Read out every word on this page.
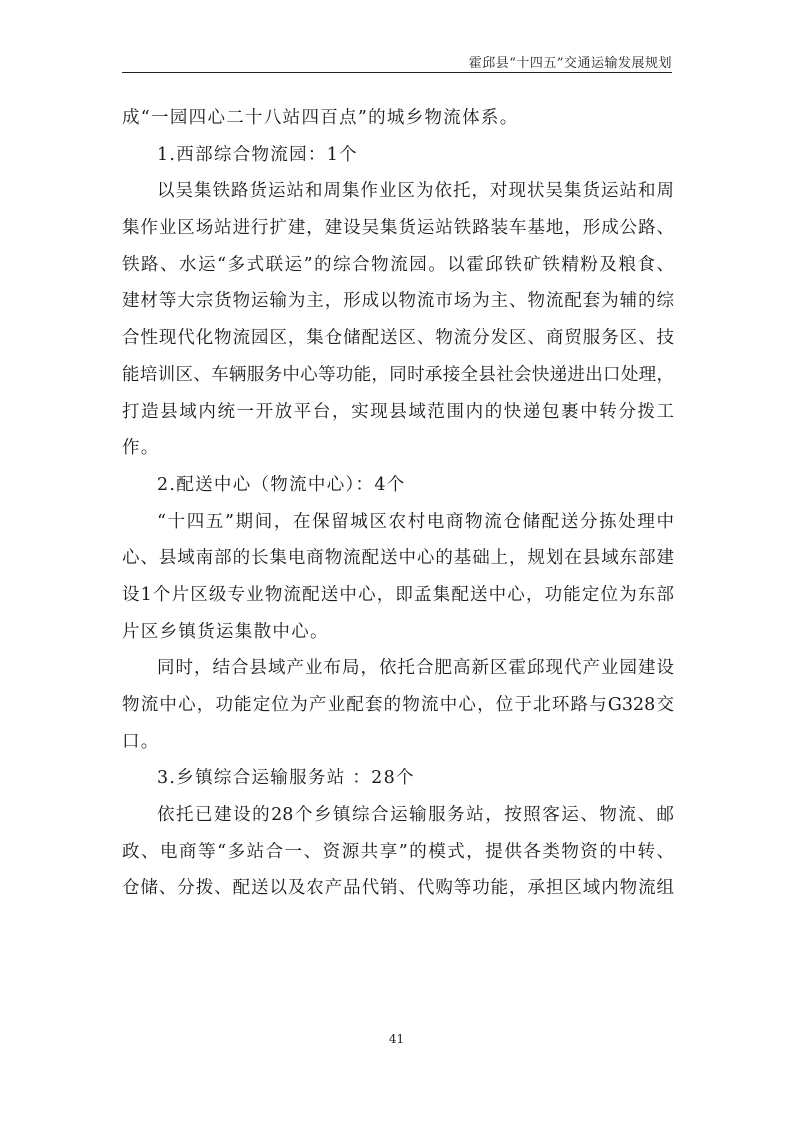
霍邱县“十四五”交通运输发展规划
成“一园四心二十八站四百点”的城乡物流体系。
1.西部综合物流园：1个
以吴集铁路货运站和周集作业区为依托，对现状吴集货运站和周
集作业区场站进行扩建，建设吴集货运站铁路装车基地，形成公路、
铁路、水运“多式联运”的综合物流园。以霍邱铁矿铁精粉及粮食、
建材等大宗货物运输为主，形成以物流市场为主、物流配套为辅的综
合性现代化物流园区，集仓储配送区、物流分发区、商贸服务区、技
能培训区、车辆服务中心等功能，同时承接全县社会快递进出口处理，
打造县域内统一开放平台，实现县域范围内的快递包裹中转分拨工
作。
2.配送中心（物流中心）：4个
“十四五”期间，在保留城区农村电商物流仓储配送分拣处理中
心、县域南部的长集电商物流配送中心的基础上，规划在县域东部建
设1个片区级专业物流配送中心，即孟集配送中心，功能定位为东部
片区乡镇货运集散中心。
同时，结合县域产业布局，依托合肥高新区霍邱现代产业园建设
物流中心，功能定位为产业配套的物流中心，位于北环路与G328交
口。
3.乡镇综合运输服务站 ：28个
依托已建设的28个乡镇综合运输服务站，按照客运、物流、邮
政、电商等“多站合一、资源共享”的模式，提供各类物资的中转、
仓储、分拨、配送以及农产品代销、代购等功能，承担区域内物流组
41
